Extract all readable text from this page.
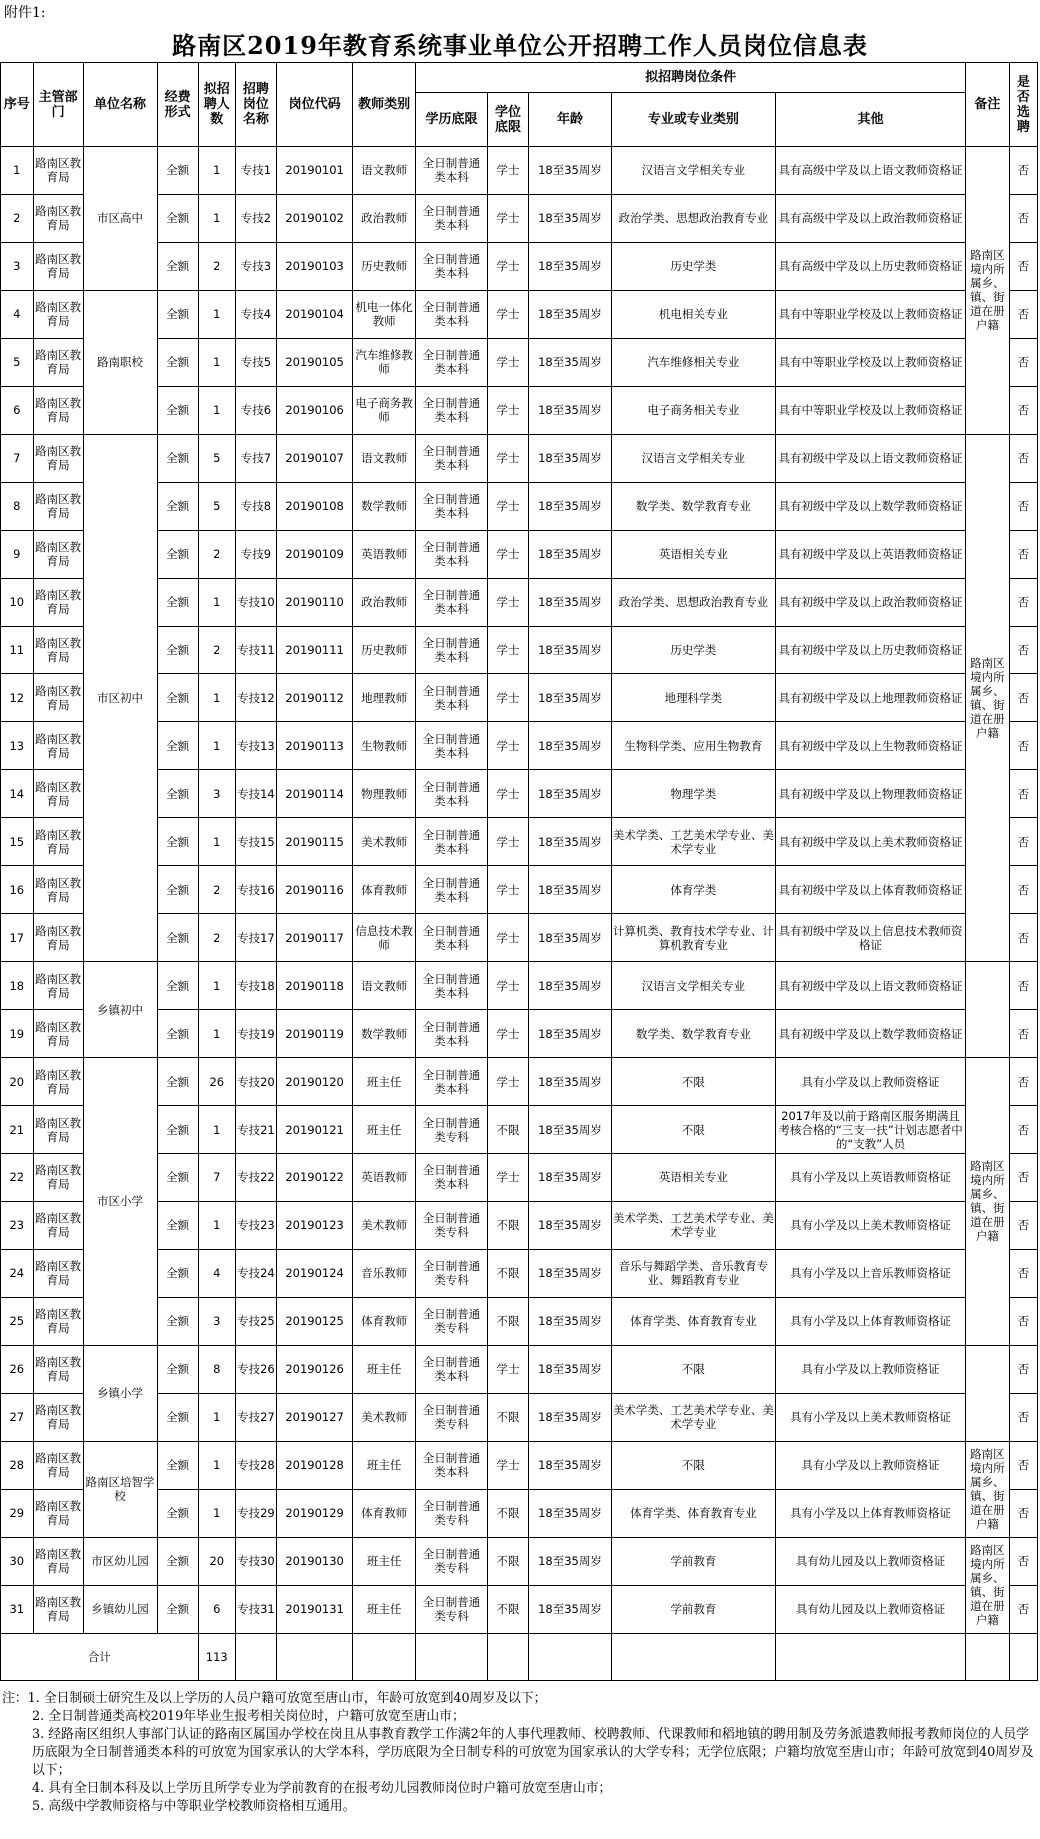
附件1:
路南区2019年教育系统事业单位公开招聘工作人员岗位信息表
序号	主管部门	单位名称	经费形式	拟招聘人数	招聘岗位名称	岗位代码	教师类别	拟招聘岗位条件					备注	是否选聘
								学历底限	学位底限	年龄	专业或专业类别	其他		
1	路南区教育局	市区高中	全额	1	专技1	20190101	语文教师	全日制普通类本科	学士	18至35周岁	汉语言文学相关专业	具有高级中学及以上语文教师资格证	路南区境内所属乡、镇、街道在册户籍	否
2	路南区教育局		全额	1	专技2	20190102	政治教师	全日制普通类本科	学士	18至35周岁	政治学类、思想政治教育专业	具有高级中学及以上政治教师资格证		否
3	路南区教育局		全额	2	专技3	20190103	历史教师	全日制普通类本科	学士	18至35周岁	历史学类	具有高级中学及以上历史教师资格证		否
4	路南区教育局	路南职校	全额	1	专技4	20190104	机电一体化教师	全日制普通类本科	学士	18至35周岁	机电相关专业	具有中等职业学校及以上教师资格证		否
5	路南区教育局		全额	1	专技5	20190105	汽车维修教师	全日制普通类本科	学士	18至35周岁	汽车维修相关专业	具有中等职业学校及以上教师资格证		否
6	路南区教育局		全额	1	专技6	20190106	电子商务教师	全日制普通类本科	学士	18至35周岁	电子商务相关专业	具有中等职业学校及以上教师资格证		否
7	路南区教育局	市区初中	全额	5	专技7	20190107	语文教师	全日制普通类本科	学士	18至35周岁	汉语言文学相关专业	具有初级中学及以上语文教师资格证	路南区境内所属乡、镇、街道在册户籍	否
8	路南区教育局		全额	5	专技8	20190108	数学教师	全日制普通类本科	学士	18至35周岁	数学类、数学教育专业	具有初级中学及以上数学教师资格证		否
9	路南区教育局		全额	2	专技9	20190109	英语教师	全日制普通类本科	学士	18至35周岁	英语相关专业	具有初级中学及以上英语教师资格证		否
10	路南区教育局		全额	1	专技10	20190110	政治教师	全日制普通类本科	学士	18至35周岁	政治学类、思想政治教育专业	具有初级中学及以上政治教师资格证		否
11	路南区教育局		全额	2	专技11	20190111	历史教师	全日制普通类本科	学士	18至35周岁	历史学类	具有初级中学及以上历史教师资格证		否
12	路南区教育局		全额	1	专技12	20190112	地理教师	全日制普通类本科	学士	18至35周岁	地理科学类	具有初级中学及以上地理教师资格证		否
13	路南区教育局		全额	1	专技13	20190113	生物教师	全日制普通类本科	学士	18至35周岁	生物科学类、应用生物教育	具有初级中学及以上生物教师资格证		否
14	路南区教育局		全额	3	专技14	20190114	物理教师	全日制普通类本科	学士	18至35周岁	物理学类	具有初级中学及以上物理教师资格证		否
15	路南区教育局		全额	1	专技15	20190115	美术教师	全日制普通类本科	学士	18至35周岁	美术学类、工艺美术学专业、美术学专业	具有初级中学及以上美术教师资格证		否
16	路南区教育局		全额	2	专技16	20190116	体育教师	全日制普通类本科	学士	18至35周岁	体育学类	具有初级中学及以上体育教师资格证		否
17	路南区教育局		全额	2	专技17	20190117	信息技术教师	全日制普通类本科	学士	18至35周岁	计算机类、教育技术学专业、计算机教育专业	具有初级中学及以上信息技术教师资格证		否
18	路南区教育局	乡镇初中	全额	1	专技18	20190118	语文教师	全日制普通类本科	学士	18至35周岁	汉语言文学相关专业	具有初级中学及以上语文教师资格证		否
19	路南区教育局		全额	1	专技19	20190119	数学教师	全日制普通类本科	学士	18至35周岁	数学类、数学教育专业	具有初级中学及以上数学教师资格证		否
20	路南区教育局	市区小学	全额	26	专技20	20190120	班主任	全日制普通类本科	学士	18至35周岁	不限	具有小学及以上教师资格证	路南区境内所属乡、镇、街道在册户籍	否
21	路南区教育局		全额	1	专技21	20190121	班主任	全日制普通类专科	不限	18至35周岁	不限	2017年及以前于路南区服务期满且考核合格的“三支一扶”计划志愿者中的“支教”人员		否
22	路南区教育局		全额	7	专技22	20190122	英语教师	全日制普通类本科	学士	18至35周岁	英语相关专业	具有小学及以上英语教师资格证		否
23	路南区教育局		全额	1	专技23	20190123	美术教师	全日制普通类专科	不限	18至35周岁	美术学类、工艺美术学专业、美术学专业	具有小学及以上美术教师资格证		否
24	路南区教育局		全额	4	专技24	20190124	音乐教师	全日制普通类专科	不限	18至35周岁	音乐与舞蹈学类、音乐教育专业、舞蹈教育专业	具有小学及以上音乐教师资格证		否
25	路南区教育局		全额	3	专技25	20190125	体育教师	全日制普通类专科	不限	18至35周岁	体育学类、体育教育专业	具有小学及以上体育教师资格证		否
26	路南区教育局	乡镇小学	全额	8	专技26	20190126	班主任	全日制普通类本科	学士	18至35周岁	不限	具有小学及以上教师资格证		否
27	路南区教育局		全额	1	专技27	20190127	美术教师	全日制普通类专科	不限	18至35周岁	美术学类、工艺美术学专业、美术学专业	具有小学及以上美术教师资格证		否
28	路南区教育局	路南区培智学校	全额	1	专技28	20190128	班主任	全日制普通类本科	学士	18至35周岁	不限	具有小学及以上教师资格证	路南区境内所属乡、镇、街道在册户籍	否
29	路南区教育局		全额	1	专技29	20190129	体育教师	全日制普通类专科	不限	18至35周岁	体育学类、体育教育专业	具有小学及以上体育教师资格证		否
30	路南区教育局	市区幼儿园	全额	20	专技30	20190130	班主任	全日制普通类专科	不限	18至35周岁	学前教育	具有幼儿园及以上教师资格证	路南区境内所属乡、镇、街道在册户籍	否
31	路南区教育局	乡镇幼儿园	全额	6	专技31	20190131	班主任	全日制普通类专科	不限	18至35周岁	学前教育	具有幼儿园及以上教师资格证		否
合计				113										

注：1. 全日制硕士研究生及以上学历的人员户籍可放宽至唐山市，年龄可放宽到40周岁及以下；

2. 全日制普通类高校2019年毕业生报考相关岗位时，户籍可放宽至唐山市；

3. 经路南区组织人事部门认证的路南区属国办学校在岗且从事教育教学工作满2年的人事代理教师、校聘教师、代课教师和稻地镇的聘用制及劳务派遣教师报考教师岗位的人员学历底限为全日制普通类本科的可放宽为国家承认的大学本科，学历底限为全日制专科的可放宽为国家承认的大学专科；无学位底限；户籍均放宽至唐山市；年龄可放宽到40周岁及以下；

4. 具有全日制本科及以上学历且所学专业为学前教育的在报考幼儿园教师岗位时户籍可放宽至唐山市；

5. 高级中学教师资格与中等职业学校教师资格相互通用。
